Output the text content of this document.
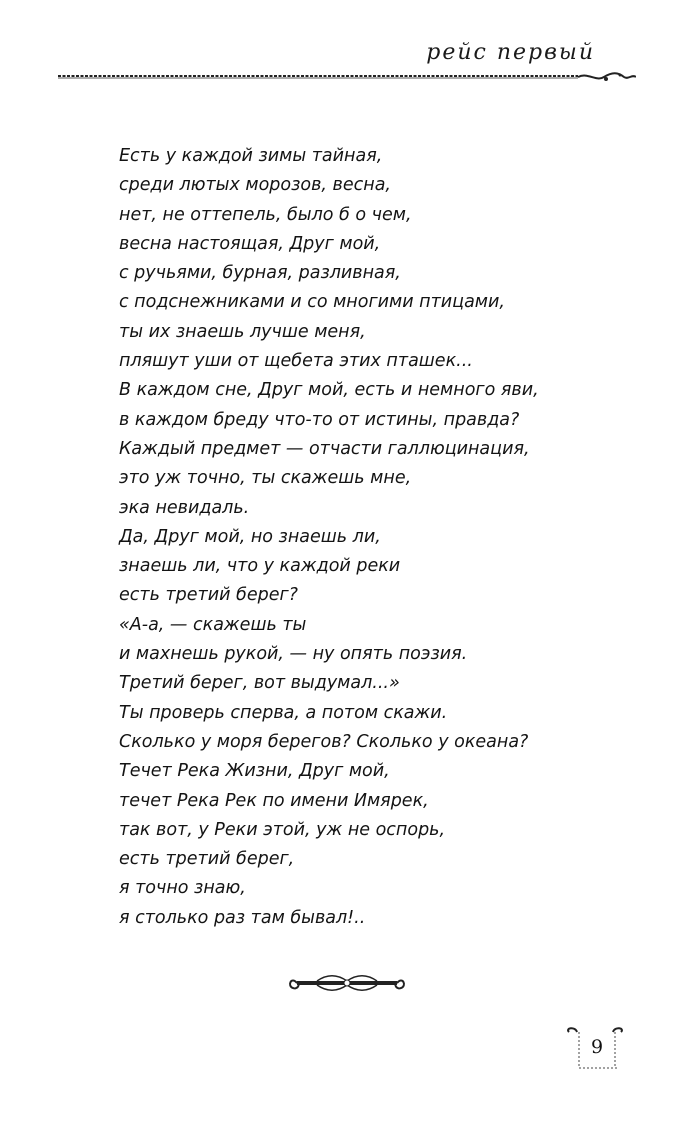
рейс первый
Есть у каждой зимы тайная,
среди лютых морозов, весна,
нет, не оттепель, было б о чем,
весна настоящая, Друг мой,
с ручьями, бурная, разливная,
с подснежниками и со многими птицами,
ты их знаешь лучше меня,
пляшут уши от щебета этих пташек...
В каждом сне, Друг мой, есть и немного яви,
в каждом бреду что-то от истины, правда?
Каждый предмет — отчасти галлюцинация,
это уж точно, ты скажешь мне,
эка невидаль.
Да, Друг мой, но знаешь ли,
знаешь ли, что у каждой реки
есть третий берег?
«А-а, — скажешь ты
и махнешь рукой, — ну опять поэзия.
Третий берег, вот выдумал...»
Ты проверь сперва, а потом скажи.
Сколько у моря берегов? Сколько у океана?
Течет Река Жизни, Друг мой,
течет Река Рек по имени Имярек,
так вот, у Реки этой, уж не оспорь,
есть третий берег,
я точно знаю,
я столько раз там бывал!..
9
